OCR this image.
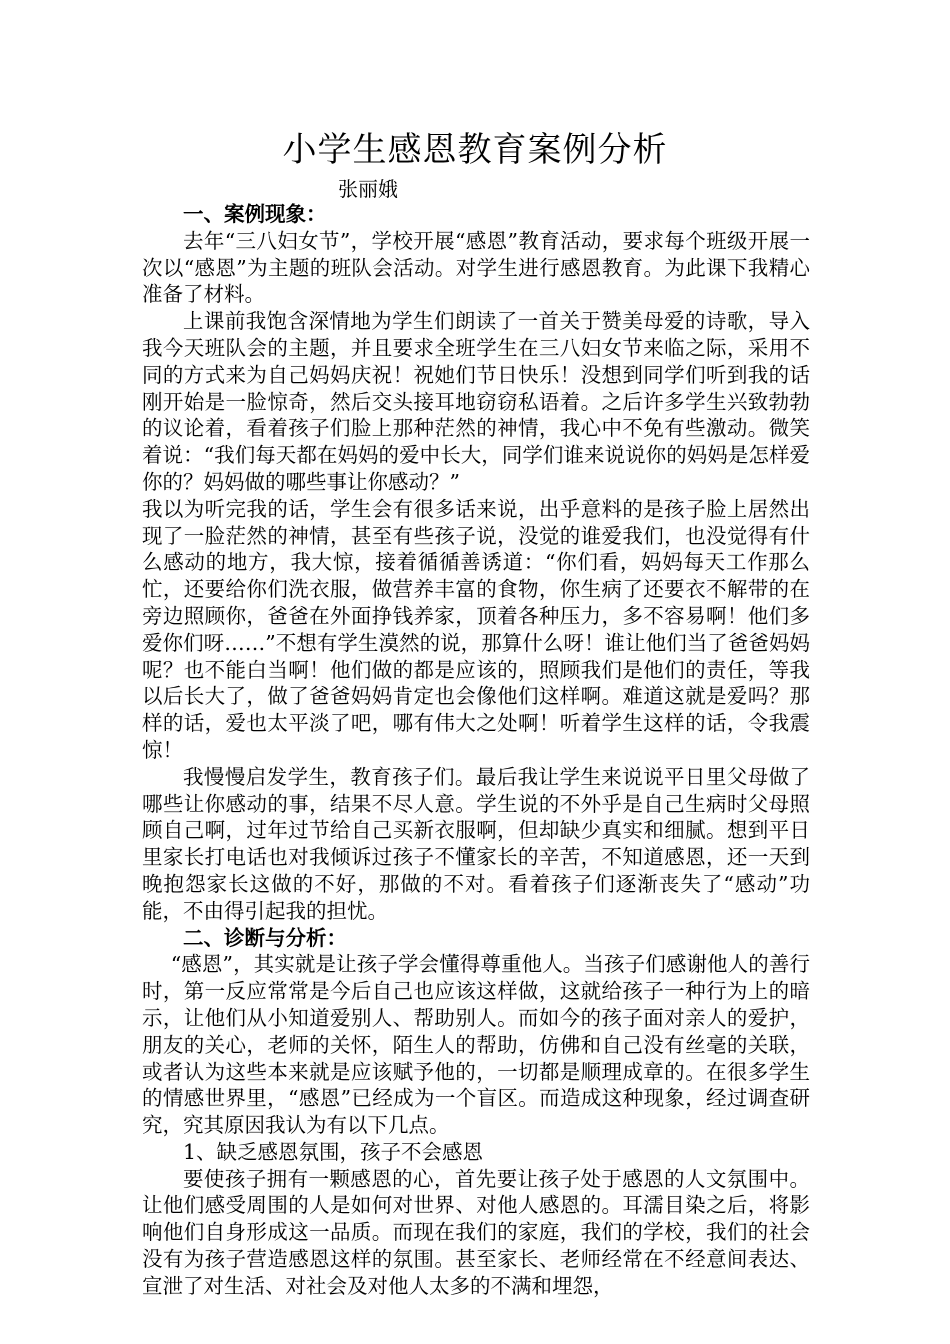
小学生感恩教育案例分析
张丽娥

一、案例现象：

去年“三八妇女节”，学校开展“感恩”教育活动，要求每个班级开展一次以“感恩”为主题的班队会活动。对学生进行感恩教育。为此课下我精心准备了材料。

上课前我饱含深情地为学生们朗读了一首关于赞美母爱的诗歌，导入我今天班队会的主题，并且要求全班学生在三八妇女节来临之际，采用不同的方式来为自己妈妈庆祝！祝她们节日快乐！没想到同学们听到我的话刚开始是一脸惊奇，然后交头接耳地窃窃私语着。之后许多学生兴致勃勃的议论着，看着孩子们脸上那种茫然的神情，我心中不免有些激动。微笑着说：“我们每天都在妈妈的爱中长大，同学们谁来说说你的妈妈是怎样爱你的？妈妈做的哪些事让你感动？”

我以为听完我的话，学生会有很多话来说，出乎意料的是孩子脸上居然出现了一脸茫然的神情，甚至有些孩子说，没觉的谁爱我们，也没觉得有什么感动的地方，我大惊，接着循循善诱道：“你们看，妈妈每天工作那么忙，还要给你们洗衣服，做营养丰富的食物，你生病了还要衣不解带的在旁边照顾你，爸爸在外面挣钱养家，顶着各种压力，多不容易啊！他们多爱你们呀……”不想有学生漠然的说，那算什么呀！谁让他们当了爸爸妈妈呢？也不能白当啊！他们做的都是应该的，照顾我们是他们的责任，等我以后长大了，做了爸爸妈妈肯定也会像他们这样啊。难道这就是爱吗？那样的话，爱也太平淡了吧，哪有伟大之处啊！听着学生这样的话，令我震惊！

我慢慢启发学生，教育孩子们。最后我让学生来说说平日里父母做了哪些让你感动的事，结果不尽人意。学生说的不外乎是自己生病时父母照顾自己啊，过年过节给自己买新衣服啊，但却缺少真实和细腻。想到平日里家长打电话也对我倾诉过孩子不懂家长的辛苦，不知道感恩，还一天到晚抱怨家长这做的不好，那做的不对。看着孩子们逐渐丧失了“感动”功能，不由得引起我的担忧。

二、诊断与分析：

“感恩”，其实就是让孩子学会懂得尊重他人。当孩子们感谢他人的善行时，第一反应常常是今后自己也应该这样做，这就给孩子一种行为上的暗示，让他们从小知道爱别人、帮助别人。而如今的孩子面对亲人的爱护，朋友的关心，老师的关怀，陌生人的帮助，仿佛和自己没有丝毫的关联，或者认为这些本来就是应该赋予他的，一切都是顺理成章的。在很多学生的情感世界里，“感恩”已经成为一个盲区。而造成这种现象，经过调查研究，究其原因我认为有以下几点。

1、缺乏感恩氛围，孩子不会感恩

要使孩子拥有一颗感恩的心，首先要让孩子处于感恩的人文氛围中。让他们感受周围的人是如何对世界、对他人感恩的。耳濡目染之后，将影响他们自身形成这一品质。而现在我们的家庭，我们的学校，我们的社会没有为孩子营造感恩这样的氛围。甚至家长、老师经常在不经意间表达、宣泄了对生活、对社会及对他人太多的不满和埋怨，
